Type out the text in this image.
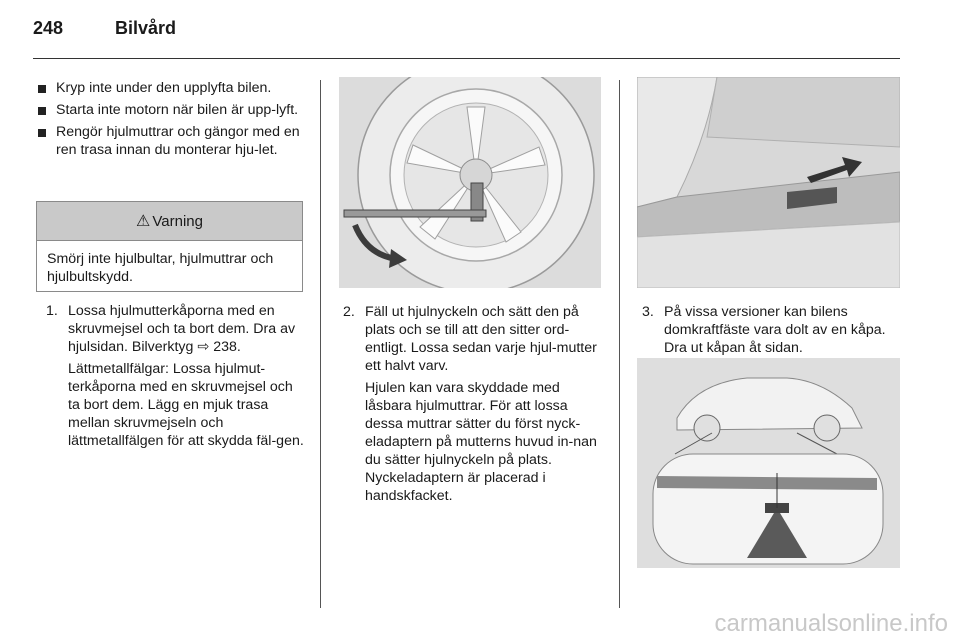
248	Bilvård
Kryp inte under den upplyfta bilen.
Starta inte motorn när bilen är upp-lyft.
Rengör hjulmuttrar och gängor med en ren trasa innan du monterar hju-let.
⚠ Varning
Smörj inte hjulbultar, hjulmuttrar och hjulbultskydd.
1. Lossa hjulmutterkåporna med en skruvmejsel och ta bort dem. Dra av hjulsidan. Bilverktyg ⇨ 238.

Lättmetallfälgar: Lossa hjulmut-terkåporna med en skruvmejsel och ta bort dem. Lägg en mjuk trasa mellan skruvmejseln och lättmetallfälgen för att skydda fäl-gen.

2. Fäll ut hjulnyckeln och sätt den på plats och se till att den sitter ord-entligt. Lossa sedan varje hjul-mutter ett halvt varv.

Hjulen kan vara skyddade med låsbara hjulmuttrar. För att lossa dessa muttrar sätter du först nyck-eladaptern på mutterns huvud in-nan du sätter hjulnyckeln på plats. Nyckeladaptern är placerad i handskfacket.

3. På vissa versioner kan bilens domkraftfäste vara dolt av en kåpa. Dra ut kåpan åt sidan.

carmanualsonline.info
